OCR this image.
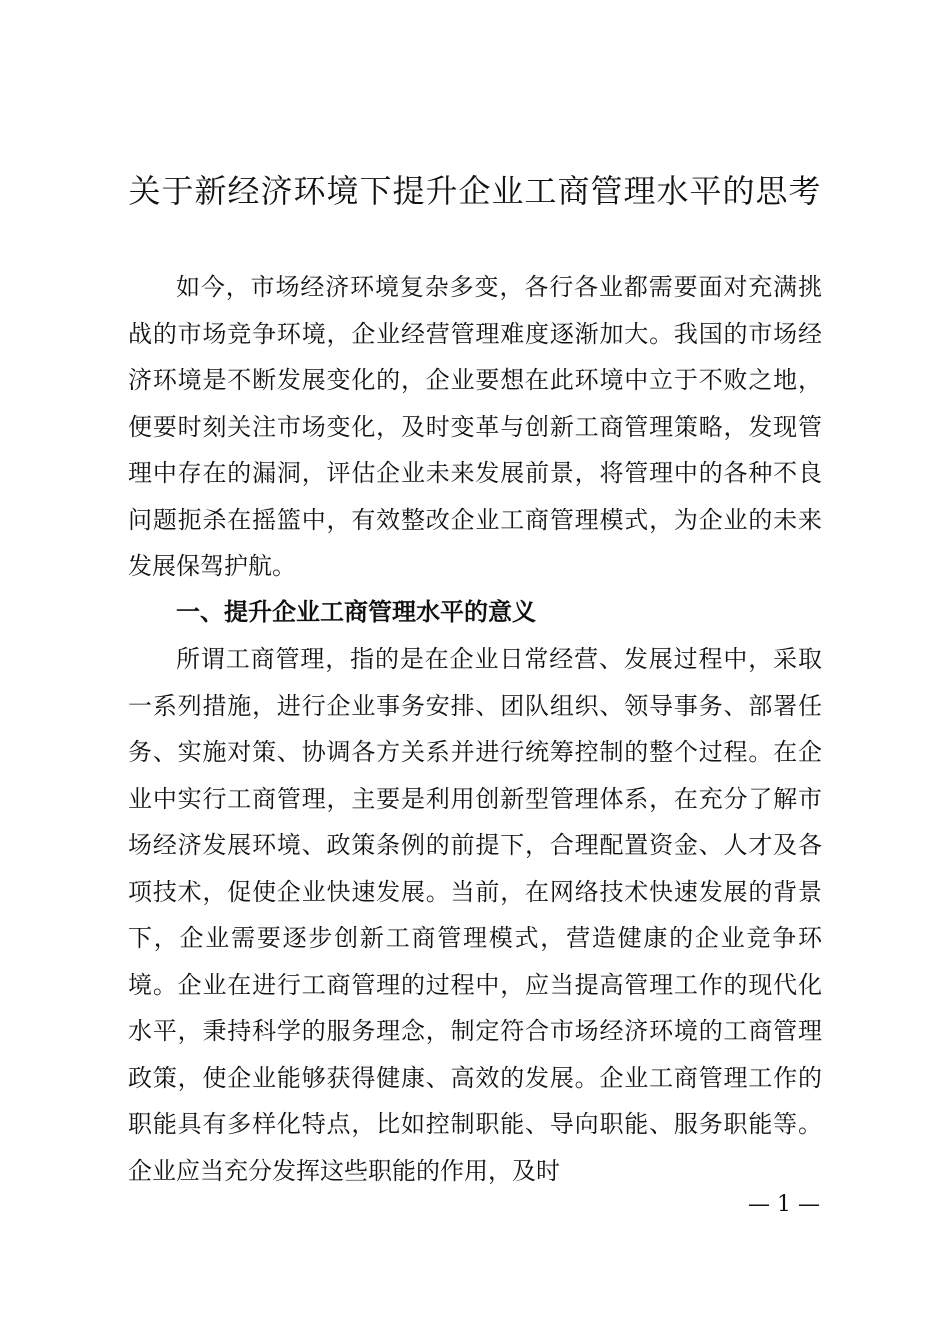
关于新经济环境下提升企业工商管理水平的思考

如今，市场经济环境复杂多变，各行各业都需要面对充满挑战的市场竞争环境，企业经营管理难度逐渐加大。我国的市场经济环境是不断发展变化的，企业要想在此环境中立于不败之地，便要时刻关注市场变化，及时变革与创新工商管理策略，发现管理中存在的漏洞，评估企业未来发展前景，将管理中的各种不良问题扼杀在摇篮中，有效整改企业工商管理模式，为企业的未来发展保驾护航。

一、提升企业工商管理水平的意义

所谓工商管理，指的是在企业日常经营、发展过程中，采取一系列措施，进行企业事务安排、团队组织、领导事务、部署任务、实施对策、协调各方关系并进行统筹控制的整个过程。在企业中实行工商管理，主要是利用创新型管理体系，在充分了解市场经济发展环境、政策条例的前提下，合理配置资金、人才及各项技术，促使企业快速发展。当前，在网络技术快速发展的背景下，企业需要逐步创新工商管理模式，营造健康的企业竞争环境。企业在进行工商管理的过程中，应当提高管理工作的现代化水平，秉持科学的服务理念，制定符合市场经济环境的工商管理政策，使企业能够获得健康、高效的发展。企业工商管理工作的职能具有多样化特点，比如控制职能、导向职能、服务职能等。企业应当充分发挥这些职能的作用，及时

— 1 —
